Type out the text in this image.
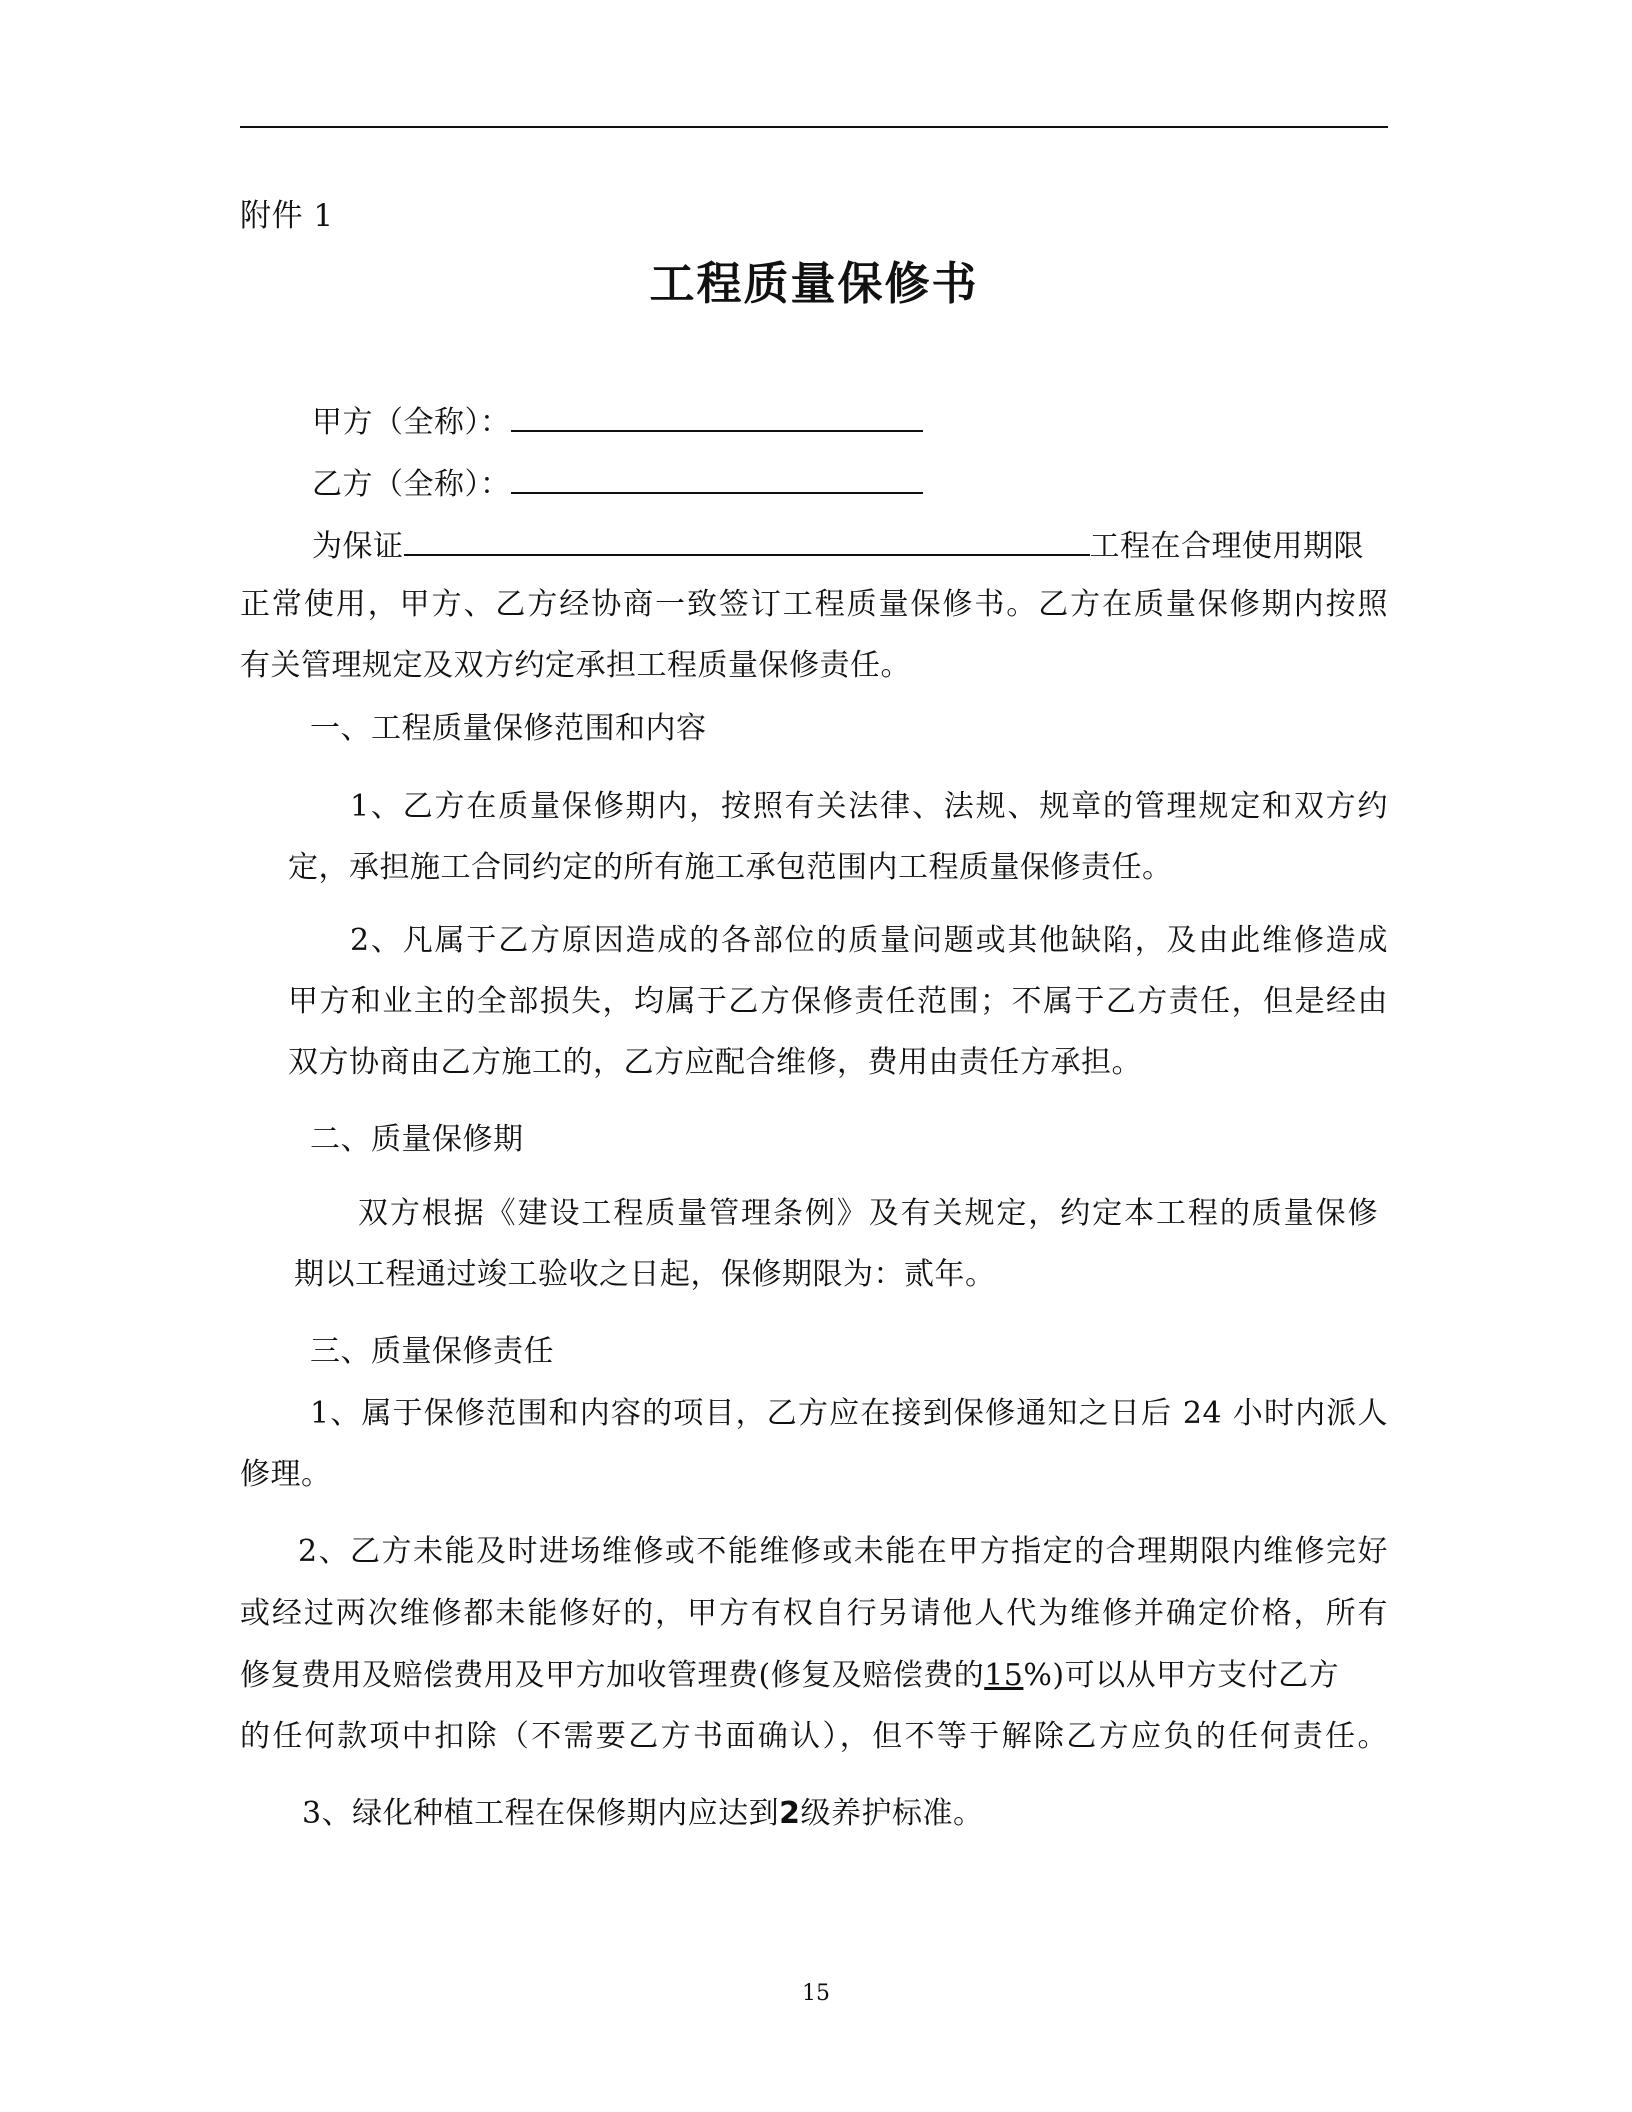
附件 1
工程质量保修书
甲方（全称）：
乙方（全称）：
为保证	工程在合理使用期限
正常使用，甲方、乙方经协商一致签订工程质量保修书。乙方在质量保修期内按照
有关管理规定及双方约定承担工程质量保修责任。
一、工程质量保修范围和内容
1、乙方在质量保修期内，按照有关法律、法规、规章的管理规定和双方约
定，承担施工合同约定的所有施工承包范围内工程质量保修责任。
2、凡属于乙方原因造成的各部位的质量问题或其他缺陷，及由此维修造成
甲方和业主的全部损失，均属于乙方保修责任范围；不属于乙方责任，但是经由
双方协商由乙方施工的，乙方应配合维修，费用由责任方承担。
二、质量保修期
双方根据《建设工程质量管理条例》及有关规定，约定本工程的质量保修
期以工程通过竣工验收之日起，保修期限为：贰年。
三、质量保修责任
1、属于保修范围和内容的项目，乙方应在接到保修通知之日后 24 小时内派人
修理。
2、乙方未能及时进场维修或不能维修或未能在甲方指定的合理期限内维修完好
或经过两次维修都未能修好的，甲方有权自行另请他人代为维修并确定价格，所有
修复费用及赔偿费用及甲方加收管理费(修复及赔偿费的15%)可以从甲方支付乙方
的任何款项中扣除（不需要乙方书面确认），但不等于解除乙方应负的任何责任。
3、绿化种植工程在保修期内应达到2级养护标准。
15
